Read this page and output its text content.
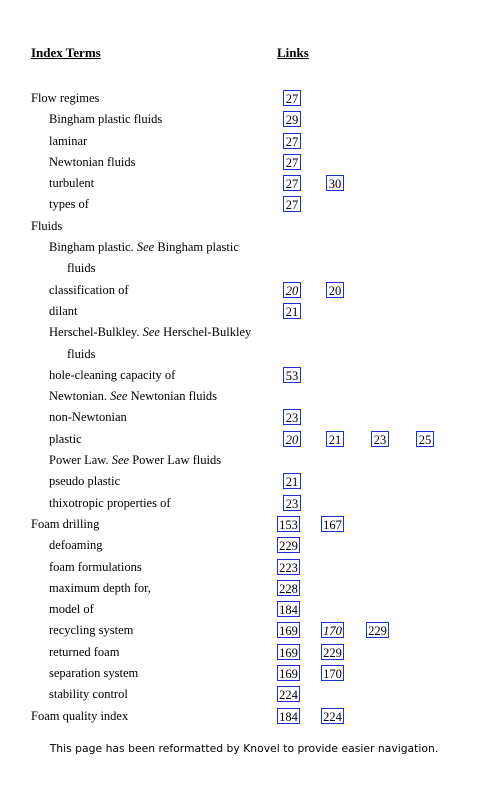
Index Terms	Links
Flow regimes	27
Bingham plastic fluids	29
laminar	27
Newtonian fluids	27
turbulent	27 30
types of	27
Fluids
Bingham plastic. See Bingham plastic
fluids
classification of	20 20
dilant	21
Herschel-Bulkley. See Herschel-Bulkley
fluids
hole-cleaning capacity of	53
Newtonian. See Newtonian fluids
non-Newtonian	23
plastic	20 21	23	25
Power Law. See Power Law fluids
pseudo plastic	21
thixotropic properties of	23
Foam drilling	153 167
defoaming	229
foam formulations	223
maximum depth for,	228
model of	184
recycling system	169 170 229
returned foam	169 229
separation system	169 170
stability control	224
Foam quality index	184 224
This page has been reformatted by Knovel to provide easier navigation.
